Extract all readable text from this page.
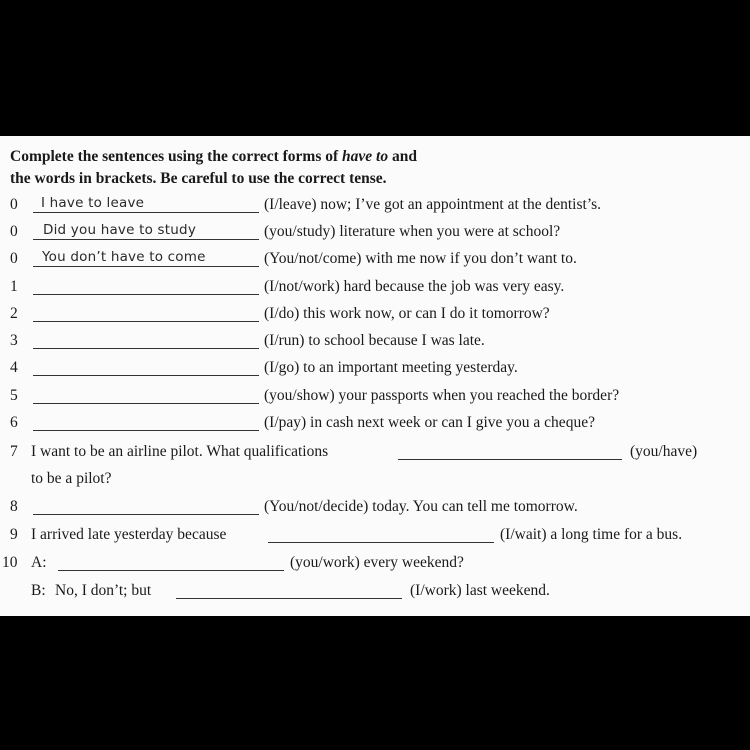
Complete the sentences using the correct forms of have to and
the words in brackets. Be careful to use the correct tense.
0	I have to leave	(I/leave) now; I’ve got an appointment at the dentist’s.
0	Did you have to study	(you/study) literature when you were at school?
0	You don’t have to come	(You/not/come) with me now if you don’t want to.
1	(I/not/work) hard because the job was very easy.
2	(I/do) this work now, or can I do it tomorrow?
3	(I/run) to school because I was late.
4	(I/go) to an important meeting yesterday.
5	(you/show) your passports when you reached the border?
6	(I/pay) in cash next week or can I give you a cheque?
7 I want to be an airline pilot. What qualifications	(you/have)
to be a pilot?
8	(You/not/decide) today. You can tell me tomorrow.
9 I arrived late yesterday because	(I/wait) a long time for a bus.
10 A:	(you/work) every weekend?
B: No, I don’t; but	(I/work) last weekend.
